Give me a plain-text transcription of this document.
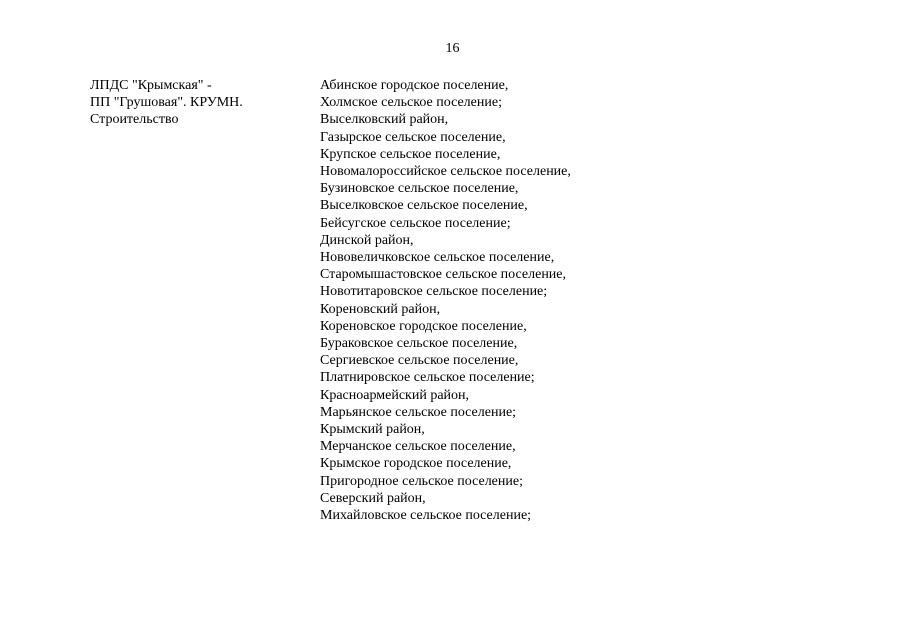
16
ЛПДС "Крымская" -
ПП "Грушовая". КРУМН.
Строительство
Абинское городское поселение,
Холмское сельское поселение;
Выселковский район,
Газырское сельское поселение,
Крупское сельское поселение,
Новомалороссийское сельское поселение,
Бузиновское сельское поселение,
Выселковское сельское поселение,
Бейсугское сельское поселение;
Динской район,
Нововеличковское сельское поселение,
Старомышастовское сельское поселение,
Новотитаровское сельское поселение;
Кореновский район,
Кореновское городское поселение,
Бураковское сельское поселение,
Сергиевское сельское поселение,
Платнировское сельское поселение;
Красноармейский район,
Марьянское сельское поселение;
Крымский район,
Мерчанское сельское поселение,
Крымское городское поселение,
Пригородное сельское поселение;
Северский район,
Михайловское сельское поселение;
